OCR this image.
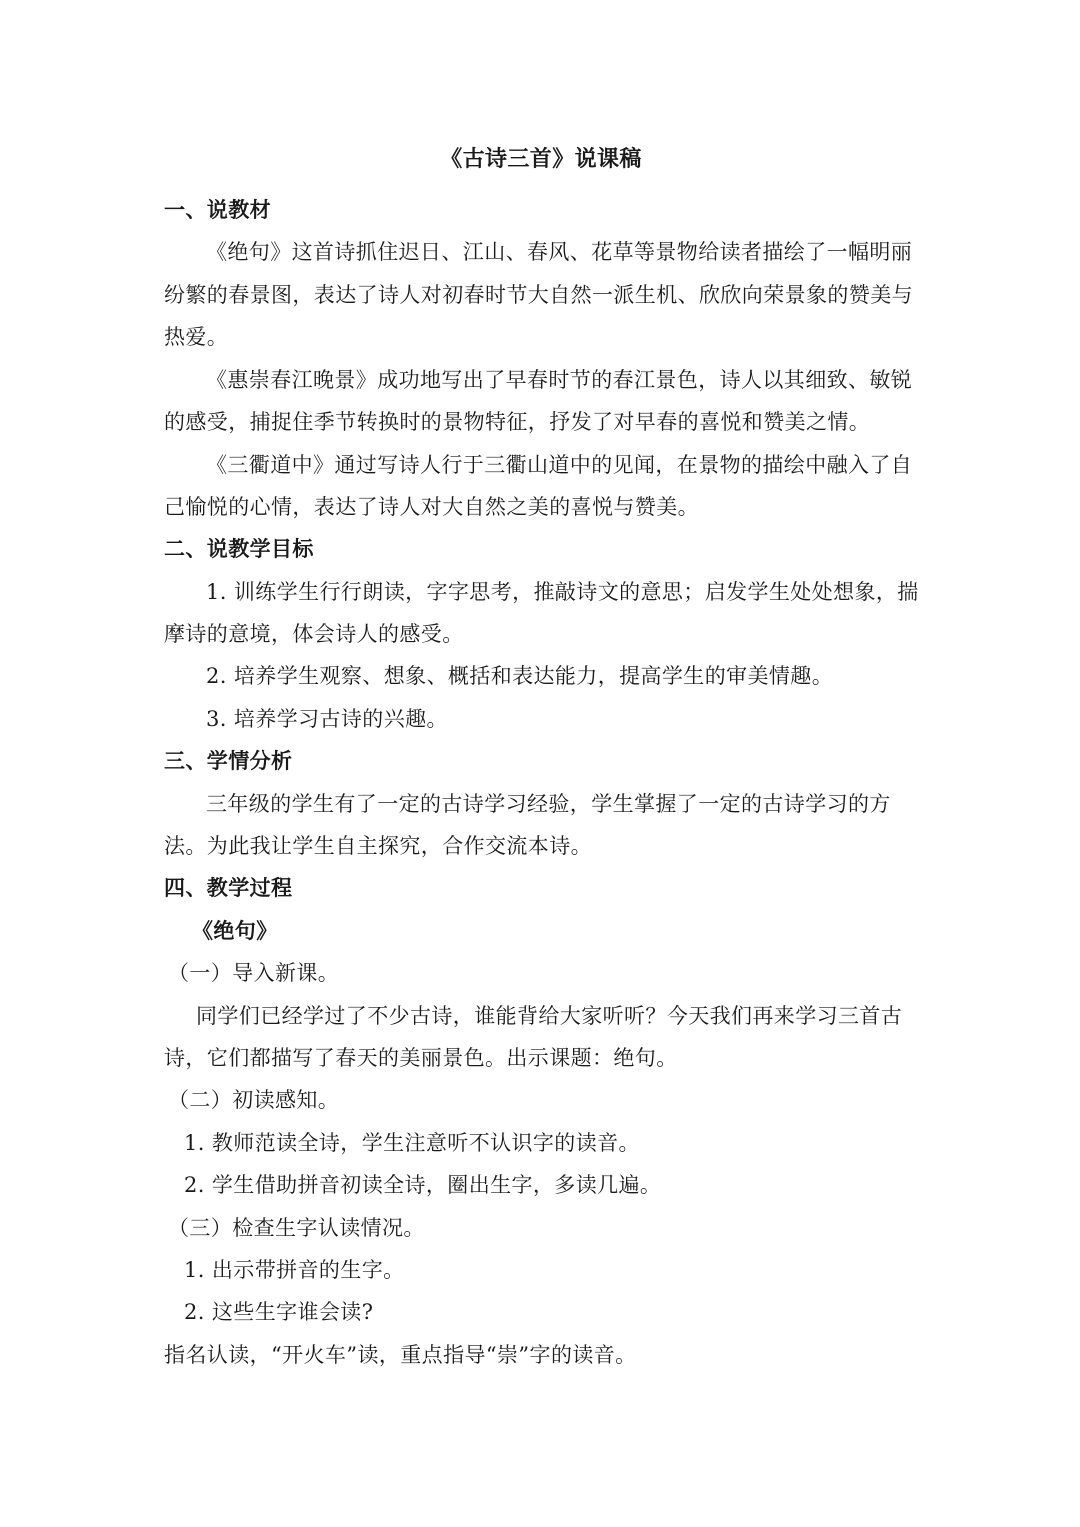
《古诗三首》说课稿
一、说教材
《绝句》这首诗抓住迟日、江山、春风、花草等景物给读者描绘了一幅明丽
纷繁的春景图，表达了诗人对初春时节大自然一派生机、欣欣向荣景象的赞美与
热爱。
《惠崇春江晚景》成功地写出了早春时节的春江景色，诗人以其细致、敏锐
的感受，捕捉住季节转换时的景物特征，抒发了对早春的喜悦和赞美之情。
《三衢道中》通过写诗人行于三衢山道中的见闻，在景物的描绘中融入了自
己愉悦的心情，表达了诗人对大自然之美的喜悦与赞美。
二、说教学目标
1. 训练学生行行朗读，字字思考，推敲诗文的意思；启发学生处处想象，揣
摩诗的意境，体会诗人的感受。
2. 培养学生观察、想象、概括和表达能力，提高学生的审美情趣。
3. 培养学习古诗的兴趣。
三、学情分析
三年级的学生有了一定的古诗学习经验，学生掌握了一定的古诗学习的方
法。为此我让学生自主探究，合作交流本诗。
四、教学过程
《绝句》
（一）导入新课。
同学们已经学过了不少古诗，谁能背给大家听听？今天我们再来学习三首古
诗，它们都描写了春天的美丽景色。出示课题：绝句。
（二）初读感知。
1. 教师范读全诗，学生注意听不认识字的读音。
2. 学生借助拼音初读全诗，圈出生字，多读几遍。
（三）检查生字认读情况。
1. 出示带拼音的生字。
2. 这些生字谁会读?
指名认读，“开火车”读，重点指导“崇”字的读音。
